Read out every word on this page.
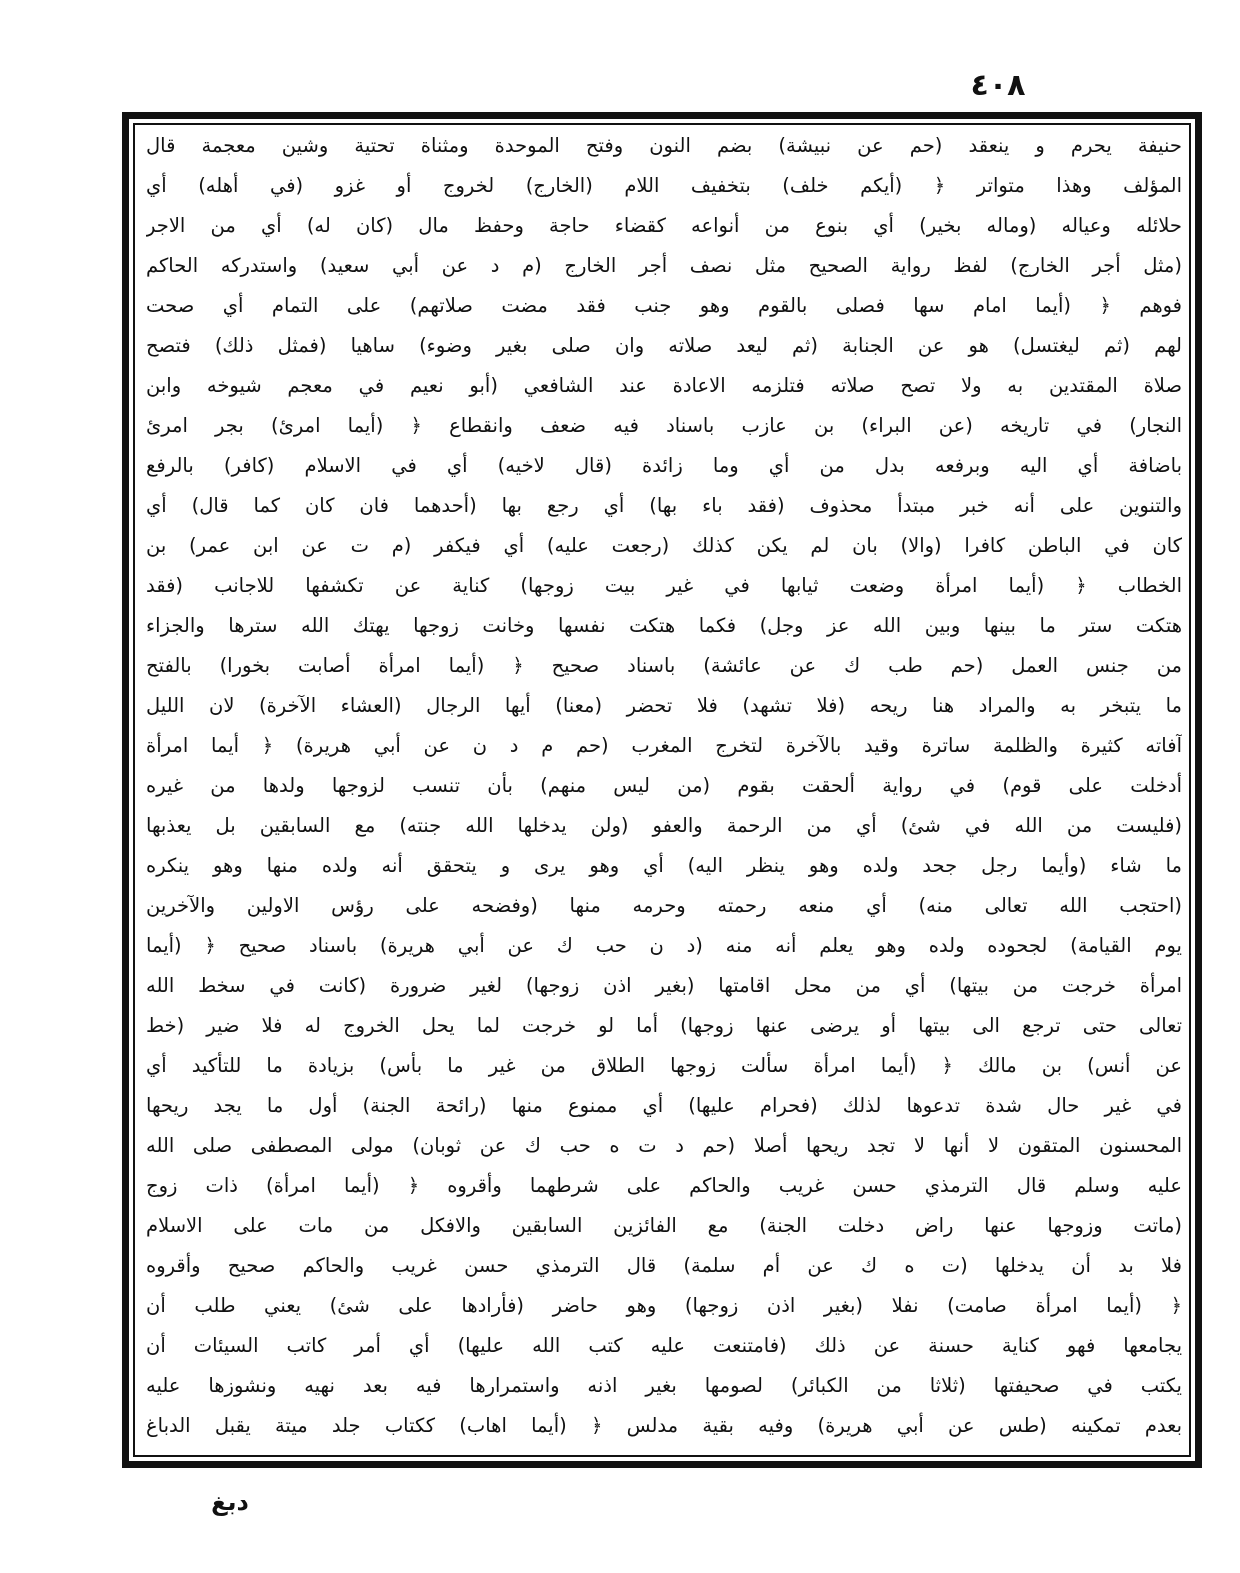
٤٠٨
حنيفة يحرم و ينعقد (حم عن نبيشة) بضم النون وفتح الموحدة ومثناة تحتية وشين معجمة قال
المؤلف وهذا متواتر ﴿ (أيكم خلف) بتخفيف اللام (الخارج) لخروج أو غزو (في أهله) أي
حلائله وعياله (وماله بخير) أي بنوع من أنواعه كقضاء حاجة وحفظ مال (كان له) أي من الاجر
(مثل أجر الخارج) لفظ رواية الصحيح مثل نصف أجر الخارج (م د عن أبي سعيد) واستدركه الحاكم
فوهم ﴿ (أيما امام سها فصلى بالقوم وهو جنب فقد مضت صلاتهم) على التمام أي صحت
لهم (ثم ليغتسل) هو عن الجنابة (ثم ليعد صلاته وان صلى بغير وضوء) ساهيا (فمثل ذلك) فتصح
صلاة المقتدين به ولا تصح صلاته فتلزمه الاعادة عند الشافعي (أبو نعيم في معجم شيوخه وابن
النجار) في تاريخه (عن البراء) بن عازب باسناد فيه ضعف وانقطاع ﴿ (أيما امرئ) بجر امرئ
باضافة أي اليه وبرفعه بدل من أي وما زائدة (قال لاخيه) أي في الاسلام (كافر) بالرفع
والتنوين على أنه خبر مبتدأ محذوف (فقد باء بها) أي رجع بها (أحدهما فان كان كما قال) أي
كان في الباطن كافرا (والا) بان لم يكن كذلك (رجعت عليه) أي فيكفر (م ت عن ابن عمر) بن
الخطاب ﴿ (أيما امرأة وضعت ثيابها في غير بيت زوجها) كناية عن تكشفها للاجانب (فقد
هتكت ستر ما بينها وبين الله عز وجل) فكما هتكت نفسها وخانت زوجها يهتك الله سترها والجزاء
من جنس العمل (حم طب ك عن عائشة) باسناد صحيح ﴿ (أيما امرأة أصابت بخورا) بالفتح
ما يتبخر به والمراد هنا ريحه (فلا تشهد) فلا تحضر (معنا) أيها الرجال (العشاء الآخرة) لان الليل
آفاته كثيرة والظلمة ساترة وقيد بالآخرة لتخرج المغرب (حم م د ن عن أبي هريرة) ﴿ أيما امرأة
أدخلت على قوم) في رواية ألحقت بقوم (من ليس منهم) بأن تنسب لزوجها ولدها من غيره
(فليست من الله في شئ) أي من الرحمة والعفو (ولن يدخلها الله جنته) مع السابقين بل يعذبها
ما شاء (وأيما رجل جحد ولده وهو ينظر اليه) أي وهو يرى و يتحقق أنه ولده منها وهو ينكره
(احتجب الله تعالى منه) أي منعه رحمته وحرمه منها (وفضحه على رؤس الاولين والآخرين
يوم القيامة) لجحوده ولده وهو يعلم أنه منه (د ن حب ك عن أبي هريرة) باسناد صحيح ﴿ (أيما
امرأة خرجت من بيتها) أي من محل اقامتها (بغير اذن زوجها) لغير ضرورة (كانت في سخط الله
تعالى حتى ترجع الى بيتها أو يرضى عنها زوجها) أما لو خرجت لما يحل الخروج له فلا ضير (خط
عن أنس) بن مالك ﴿ (أيما امرأة سألت زوجها الطلاق من غير ما بأس) بزيادة ما للتأكيد أي
في غير حال شدة تدعوها لذلك (فحرام عليها) أي ممنوع منها (رائحة الجنة) أول ما يجد ريحها
المحسنون المتقون لا أنها لا تجد ريحها أصلا (حم د ت ه حب ك عن ثوبان) مولى المصطفى صلى الله
عليه وسلم قال الترمذي حسن غريب والحاكم على شرطهما وأقروه ﴿ (أيما امرأة) ذات زوج
(ماتت وزوجها عنها راض دخلت الجنة) مع الفائزين السابقين والافكل من مات على الاسلام
فلا بد أن يدخلها (ت ه ك عن أم سلمة) قال الترمذي حسن غريب والحاكم صحيح وأقروه
﴿ (أيما امرأة صامت) نفلا (بغير اذن زوجها) وهو حاضر (فأرادها على شئ) يعني طلب أن
يجامعها فهو كناية حسنة عن ذلك (فامتنعت عليه كتب الله عليها) أي أمر كاتب السيئات أن
يكتب في صحيفتها (ثلاثا من الكبائر) لصومها بغير اذنه واستمرارها فيه بعد نهيه ونشوزها عليه
بعدم تمكينه (طس عن أبي هريرة) وفيه بقية مدلس ﴿ (أيما اهاب) ككتاب جلد ميتة يقبل الدباغ
دبغ
